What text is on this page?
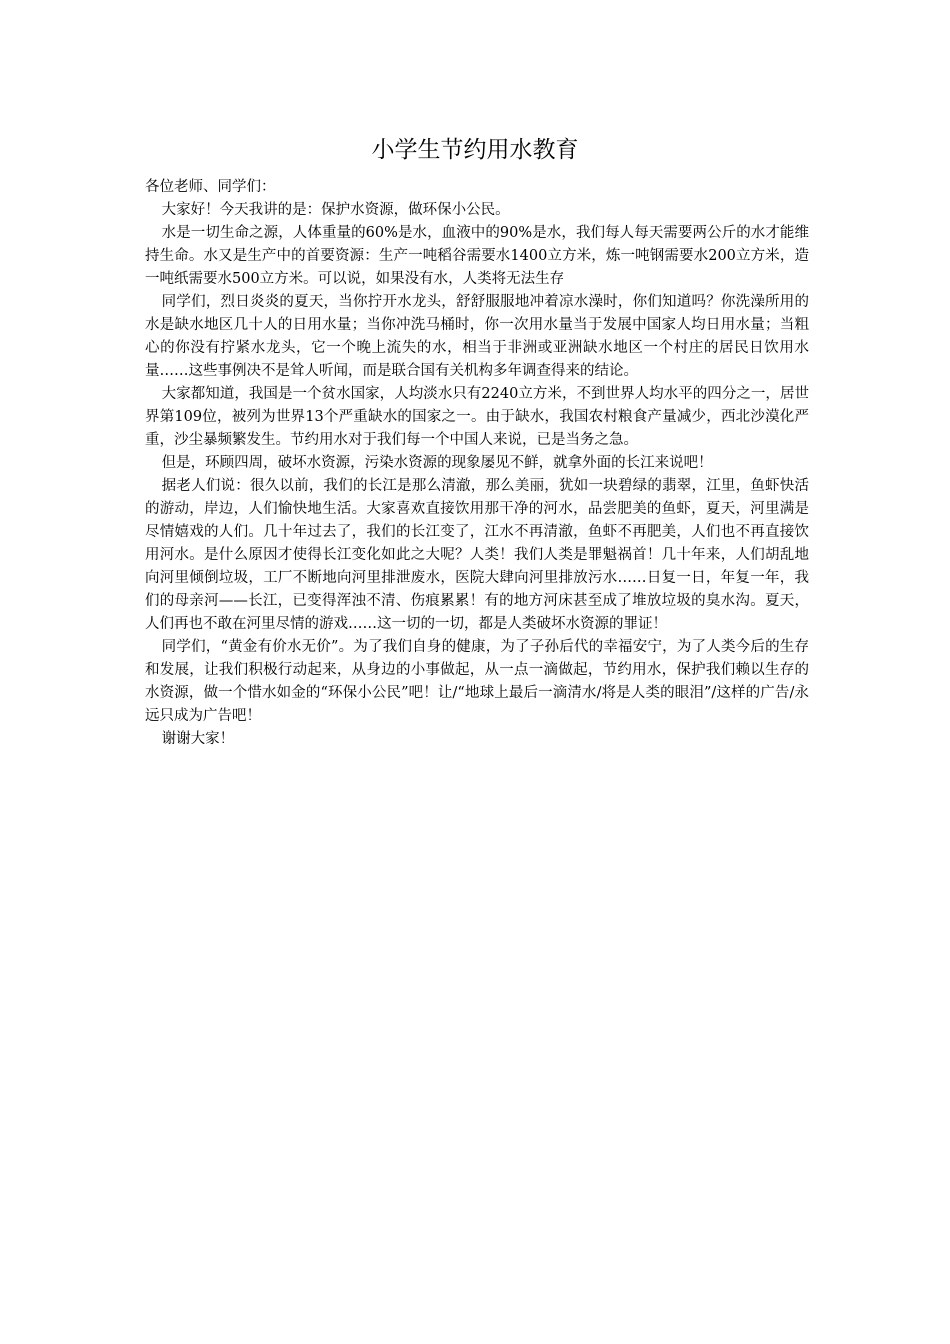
小学生节约用水教育

各位老师、同学们：

大家好！今天我讲的是：保护水资源，做环保小公民。

水是一切生命之源，人体重量的60%是水，血液中的90%是水，我们每人每天需要两公斤的水才能维持生命。水又是生产中的首要资源：生产一吨稻谷需要水1400立方米，炼一吨钢需要水200立方米，造一吨纸需要水500立方米。可以说，如果没有水，人类将无法生存

同学们，烈日炎炎的夏天，当你拧开水龙头，舒舒服服地冲着凉水澡时，你们知道吗？你洗澡所用的水是缺水地区几十人的日用水量；当你冲洗马桶时，你一次用水量当于发展中国家人均日用水量；当粗心的你没有拧紧水龙头，它一个晚上流失的水，相当于非洲或亚洲缺水地区一个村庄的居民日饮用水量……这些事例决不是耸人听闻，而是联合国有关机构多年调查得来的结论。

大家都知道，我国是一个贫水国家，人均淡水只有2240立方米，不到世界人均水平的四分之一，居世界第109位，被列为世界13个严重缺水的国家之一。由于缺水，我国农村粮食产量减少，西北沙漠化严重，沙尘暴频繁发生。节约用水对于我们每一个中国人来说，已是当务之急。

但是，环顾四周，破坏水资源，污染水资源的现象屡见不鲜，就拿外面的长江来说吧！

据老人们说：很久以前，我们的长江是那么清澈，那么美丽，犹如一块碧绿的翡翠，江里，鱼虾快活的游动，岸边，人们愉快地生活。大家喜欢直接饮用那干净的河水，品尝肥美的鱼虾，夏天，河里满是尽情嬉戏的人们。几十年过去了，我们的长江变了，江水不再清澈，鱼虾不再肥美，人们也不再直接饮用河水。是什么原因才使得长江变化如此之大呢？人类！我们人类是罪魁祸首！几十年来，人们胡乱地向河里倾倒垃圾，工厂不断地向河里排泄废水，医院大肆向河里排放污水……日复一日，年复一年，我们的母亲河——长江，已变得浑浊不清、伤痕累累！有的地方河床甚至成了堆放垃圾的臭水沟。夏天，人们再也不敢在河里尽情的游戏……这一切的一切，都是人类破坏水资源的罪证！

同学们，“黄金有价水无价”。为了我们自身的健康，为了子孙后代的幸福安宁，为了人类今后的生存和发展，让我们积极行动起来，从身边的小事做起，从一点一滴做起，节约用水，保护我们赖以生存的水资源，做一个惜水如金的“环保小公民”吧！让/“地球上最后一滴清水/将是人类的眼泪”/这样的广告/永远只成为广告吧！

谢谢大家！
